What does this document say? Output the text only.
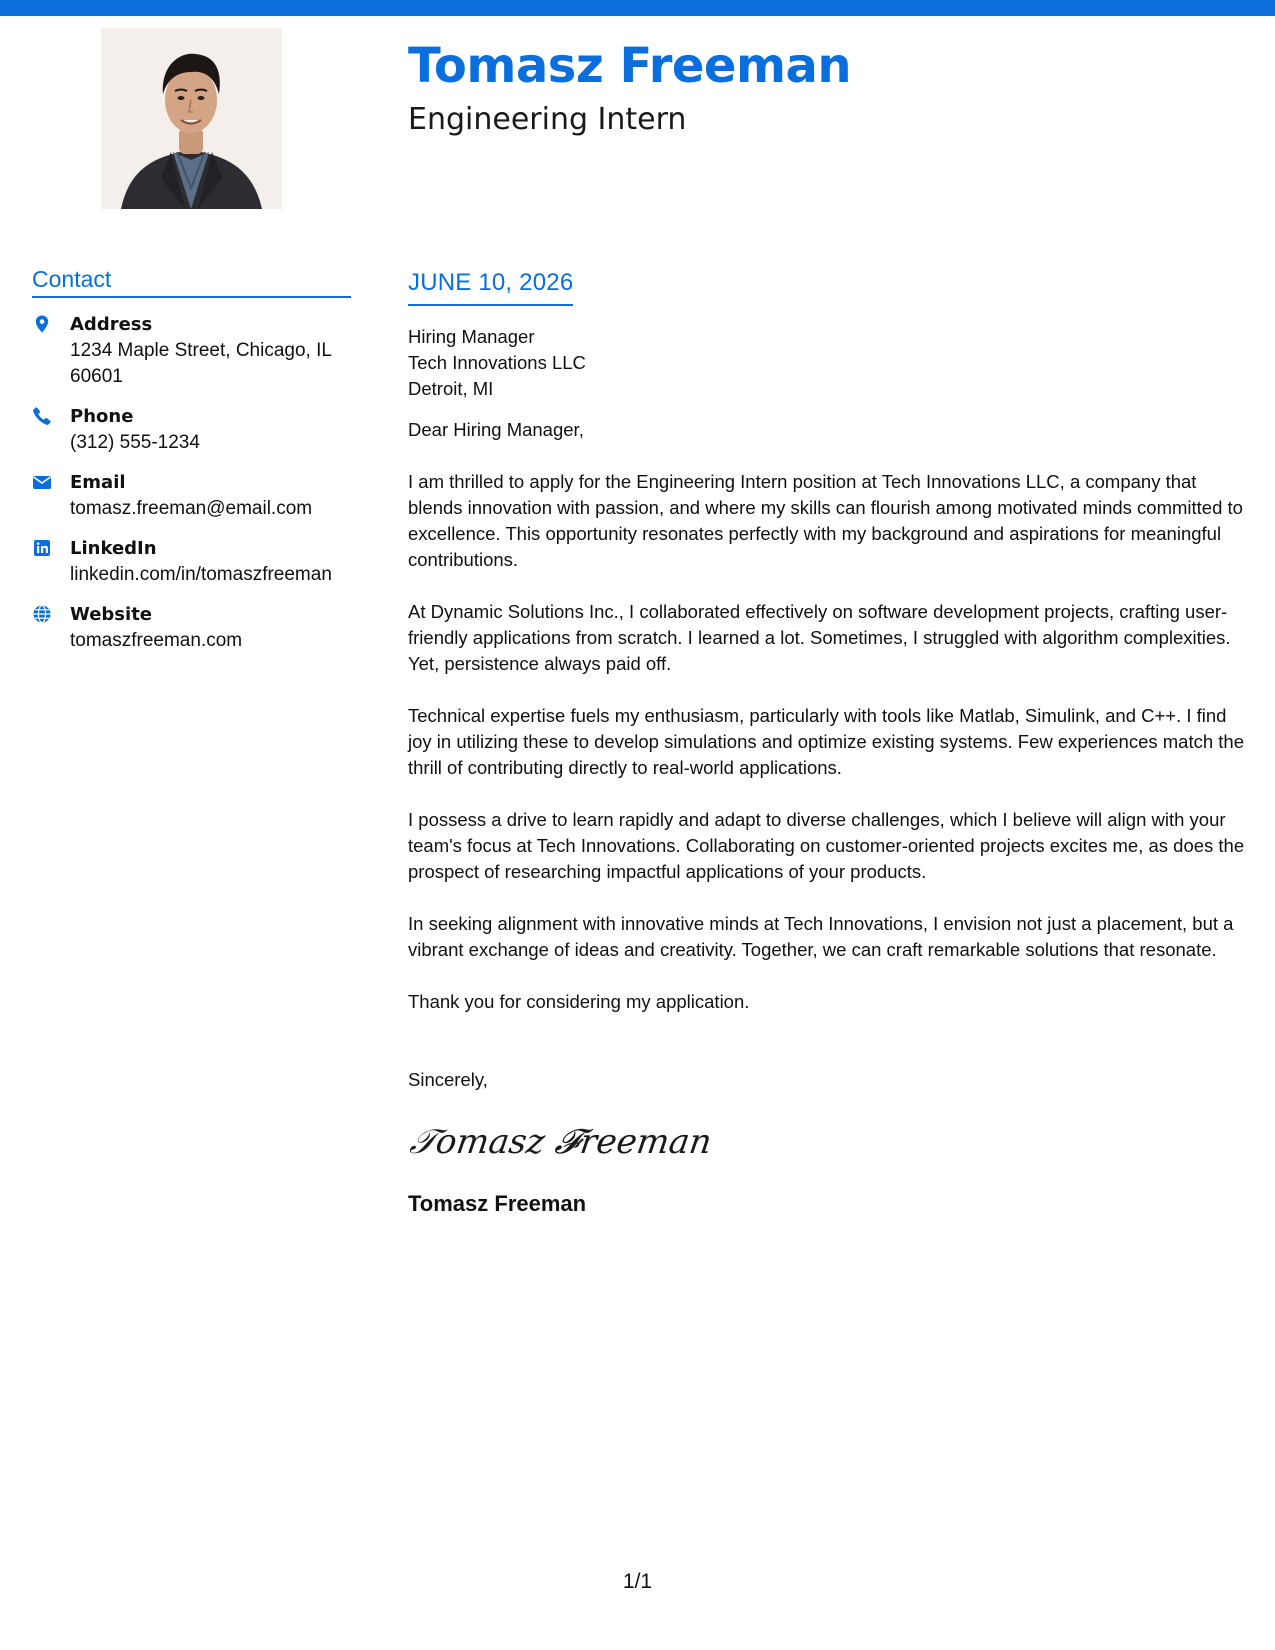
Tomasz Freeman
Engineering Intern
Contact
Address
1234 Maple Street, Chicago, IL 60601
Phone
(312) 555-1234
Email
tomasz.freeman@email.com
LinkedIn
linkedin.com/in/tomaszfreeman
Website
tomaszfreeman.com
JUNE 10, 2026
Hiring Manager
Tech Innovations LLC
Detroit, MI
Dear Hiring Manager,

I am thrilled to apply for the Engineering Intern position at Tech Innovations LLC, a company that blends innovation with passion, and where my skills can flourish among motivated minds committed to excellence. This opportunity resonates perfectly with my background and aspirations for meaningful contributions.

At Dynamic Solutions Inc., I collaborated effectively on software development projects, crafting user-friendly applications from scratch. I learned a lot. Sometimes, I struggled with algorithm complexities. Yet, persistence always paid off.

Technical expertise fuels my enthusiasm, particularly with tools like Matlab, Simulink, and C++. I find joy in utilizing these to develop simulations and optimize existing systems. Few experiences match the thrill of contributing directly to real-world applications.

I possess a drive to learn rapidly and adapt to diverse challenges, which I believe will align with your team's focus at Tech Innovations. Collaborating on customer-oriented projects excites me, as does the prospect of researching impactful applications of your products.

In seeking alignment with innovative minds at Tech Innovations, I envision not just a placement, but a vibrant exchange of ideas and creativity. Together, we can craft remarkable solutions that resonate.

Thank you for considering my application.

Sincerely,
𝒯omasz 𝓕reeman
Tomasz Freeman
1/1
